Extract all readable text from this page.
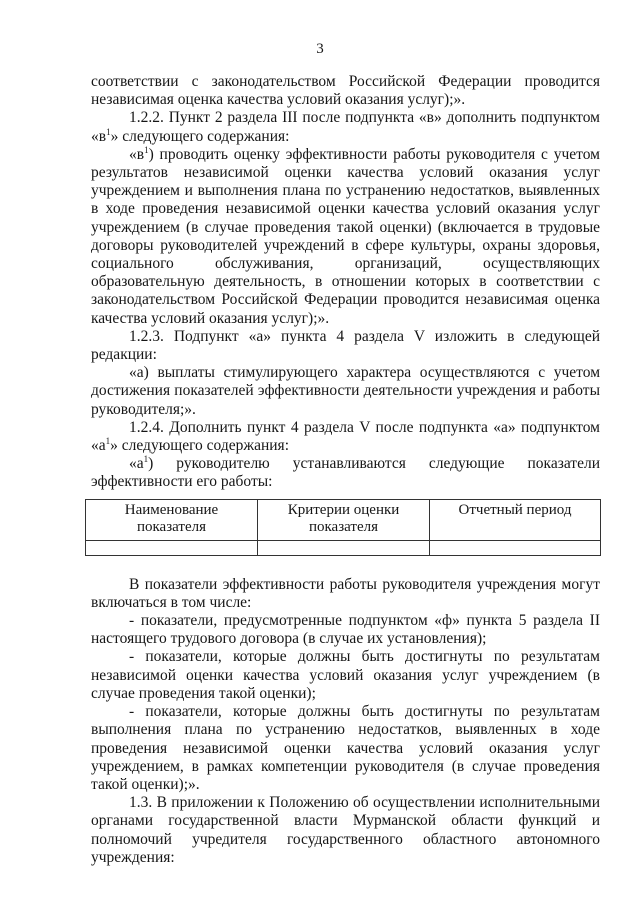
3

соответствии с законодательством Российской Федерации проводится независимая оценка качества условий оказания услуг);».

1.2.2. Пункт 2 раздела III после подпункта «в» дополнить подпунктом «$в^1$» следующего содержания:

«$в^1$) проводить оценку эффективности работы руководителя с учетом результатов независимой оценки качества условий оказания услуг учреждением и выполнения плана по устранению недостатков, выявленных в ходе проведения независимой оценки качества условий оказания услуг учреждением (в случае проведения такой оценки) (включается в трудовые договоры руководителей учреждений в сфере культуры, охраны здоровья, социального обслуживания, организаций, осуществляющих образовательную деятельность, в отношении которых в соответствии с законодательством Российской Федерации проводится независимая оценка качества условий оказания услуг);».

1.2.3. Подпункт «а» пункта 4 раздела V изложить в следующей редакции:

«а) выплаты стимулирующего характера осуществляются с учетом достижения показателей эффективности деятельности учреждения и работы руководителя;».

1.2.4. Дополнить пункт 4 раздела V после подпункта «а» подпунктом «$а^1$» следующего содержания:

«$а^1$) руководителю устанавливаются следующие показатели

эффективности его работы:

Наименование показателя	Критерии оценки показателя	Отчетный период

В показатели эффективности работы руководителя учреждения могут включаться в том числе:

- показатели, предусмотренные подпунктом «ф» пункта 5 раздела II настоящего трудового договора (в случае их установления);

- показатели, которые должны быть достигнуты по результатам независимой оценки качества условий оказания услуг учреждением (в случае проведения такой оценки);

- показатели, которые должны быть достигнуты по результатам выполнения плана по устранению недостатков, выявленных в ходе проведения независимой оценки качества условий оказания услуг учреждением, в рамках компетенции руководителя (в случае проведения такой оценки);».

1.3. В приложении к Положению об осуществлении исполнительными органами государственной власти Мурманской области функций и полномочий учредителя государственного областного автономного учреждения:
